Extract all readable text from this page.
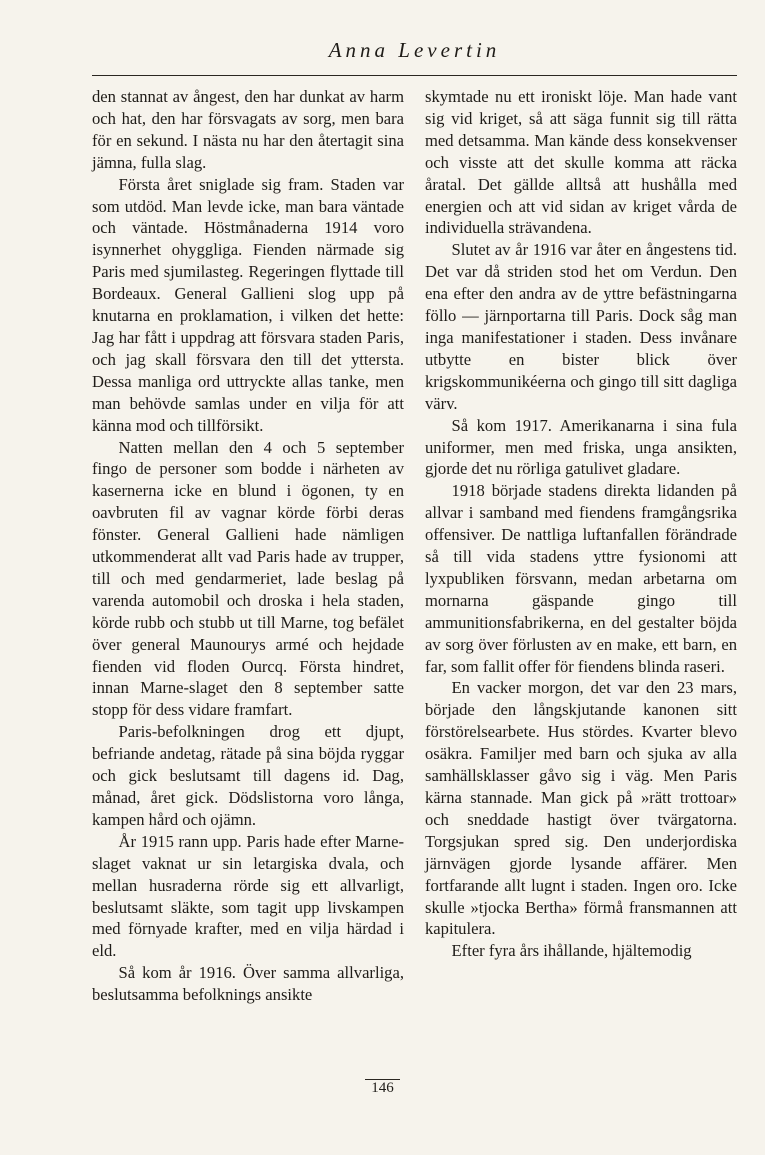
Anna Levertin

den stannat av ångest, den har dunkat av harm och hat, den har försvagats av sorg, men bara för en sekund. I nästa nu har den återtagit sina jämna, fulla slag.

Första året sniglade sig fram. Staden var som utdöd. Man levde icke, man bara väntade och väntade. Höstmånaderna 1914 voro isynnerhet ohyggliga. Fienden närmade sig Paris med sjumilasteg. Regeringen flyttade till Bordeaux. General Gallieni slog upp på knutarna en proklamation, i vilken det hette: Jag har fått i uppdrag att försvara staden Paris, och jag skall försvara den till det yttersta. Dessa manliga ord uttryckte allas tanke, men man behövde samlas under en vilja för att känna mod och tillförsikt.

Natten mellan den 4 och 5 september fingo de personer som bodde i närheten av kasernerna icke en blund i ögonen, ty en oavbruten fil av vagnar körde förbi deras fönster. General Gallieni hade nämligen utkommenderat allt vad Paris hade av trupper, till och med gendarmeriet, lade beslag på varenda automobil och droska i hela staden, körde rubb och stubb ut till Marne, tog befälet över general Maunourys armé och hejdade fienden vid floden Ourcq. Första hindret, innan Marne-slaget den 8 september satte stopp för dess vidare framfart.

Paris-befolkningen drog ett djupt, befriande andetag, rätade på sina böjda ryggar och gick beslutsamt till dagens id. Dag, månad, året gick. Dödslistorna voro långa, kampen hård och ojämn.

År 1915 rann upp. Paris hade efter Marne-slaget vaknat ur sin letargiska dvala, och mellan husraderna rörde sig ett allvarligt, beslutsamt släkte, som tagit upp livskampen med förnyade krafter, med en vilja härdad i eld.

Så kom år 1916. Över samma allvarliga, beslutsamma befolknings ansikte

skymtade nu ett ironiskt löje. Man hade vant sig vid kriget, så att säga funnit sig till rätta med detsamma. Man kände dess konsekvenser och visste att det skulle komma att räcka åratal. Det gällde alltså att hushålla med energien och att vid sidan av kriget vårda de individuella strävandena.

Slutet av år 1916 var åter en ångestens tid. Det var då striden stod het om Verdun. Den ena efter den andra av de yttre befästningarna föllo — järnportarna till Paris. Dock såg man inga manifestationer i staden. Dess invånare utbytte en bister blick över krigskommunikéerna och gingo till sitt dagliga värv.

Så kom 1917. Amerikanarna i sina fula uniformer, men med friska, unga ansikten, gjorde det nu rörliga gatulivet gladare.

1918 började stadens direkta lidanden på allvar i samband med fiendens framgångsrika offensiver. De nattliga luftanfallen förändrade så till vida stadens yttre fysionomi att lyxpubliken försvann, medan arbetarna om mornarna gäspande gingo till ammunitionsfabrikerna, en del gestalter böjda av sorg över förlusten av en make, ett barn, en far, som fallit offer för fiendens blinda raseri.

En vacker morgon, det var den 23 mars, började den långskjutande kanonen sitt förstörelsearbete. Hus stördes. Kvarter blevo osäkra. Familjer med barn och sjuka av alla samhällsklasser gåvo sig i väg. Men Paris kärna stannade. Man gick på »rätt trottoar» och sneddade hastigt över tvärgatorna. Torgsjukan spred sig. Den underjordiska järnvägen gjorde lysande affärer. Men fortfarande allt lugnt i staden. Ingen oro. Icke skulle »tjocka Bertha» förmå fransmannen att kapitulera.

Efter fyra års ihållande, hjältemodig

146
